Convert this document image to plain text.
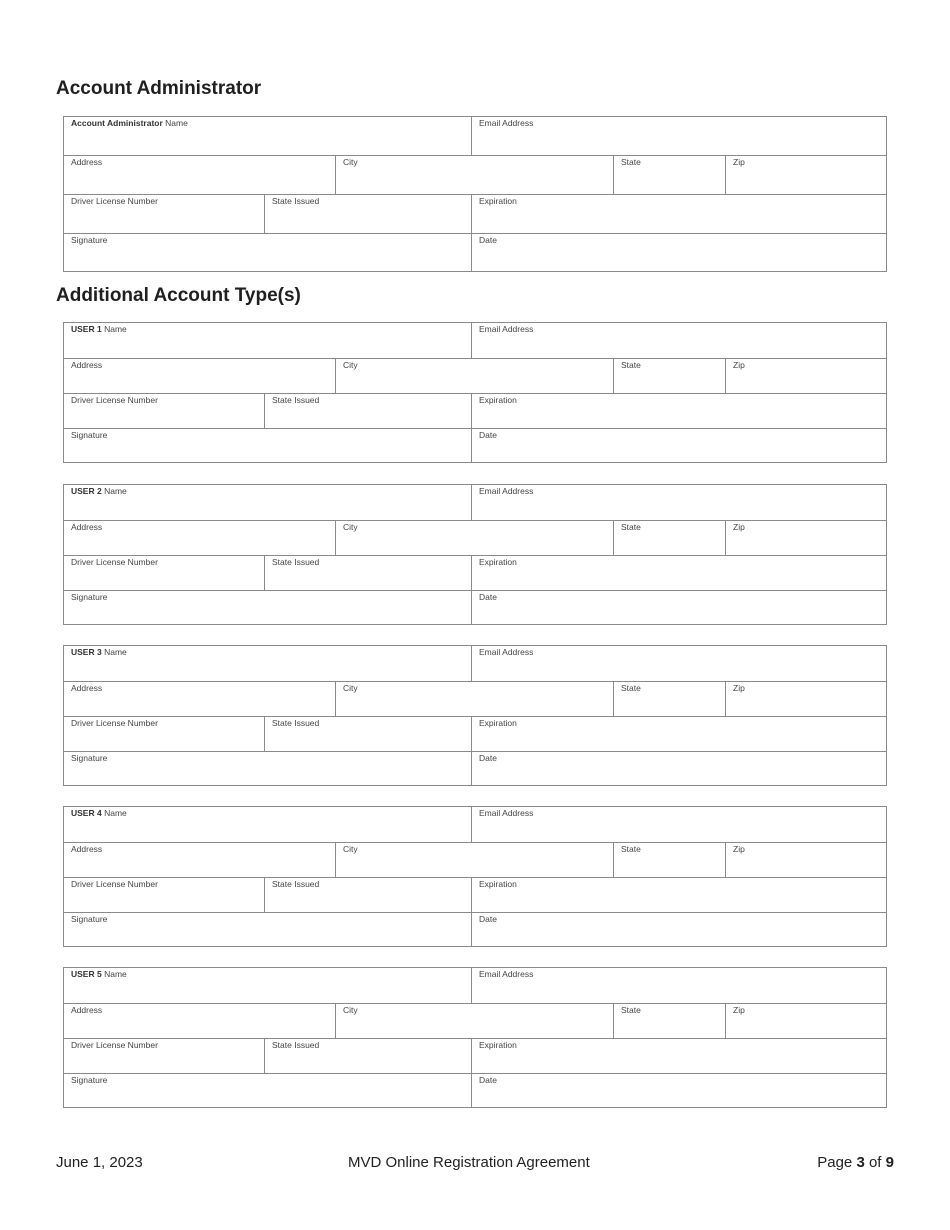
Account Administrator
Account Administrator Name	Email Address
Address	City	State	Zip
Driver License Number	State Issued	Expiration
Signature	Date
Additional Account Type(s)
USER 1 Name	Email Address
Address	City	State	Zip
Driver License Number	State Issued	Expiration
Signature	Date
USER 2 Name	Email Address
Address	City	State	Zip
Driver License Number	State Issued	Expiration
Signature	Date
USER 3 Name	Email Address
Address	City	State	Zip
Driver License Number	State Issued	Expiration
Signature	Date
USER 4 Name	Email Address
Address	City	State	Zip
Driver License Number	State Issued	Expiration
Signature	Date
USER 5 Name	Email Address
Address	City	State	Zip
Driver License Number	State Issued	Expiration
Signature	Date
June 1, 2023	MVD Online Registration Agreement	Page 3 of 9
